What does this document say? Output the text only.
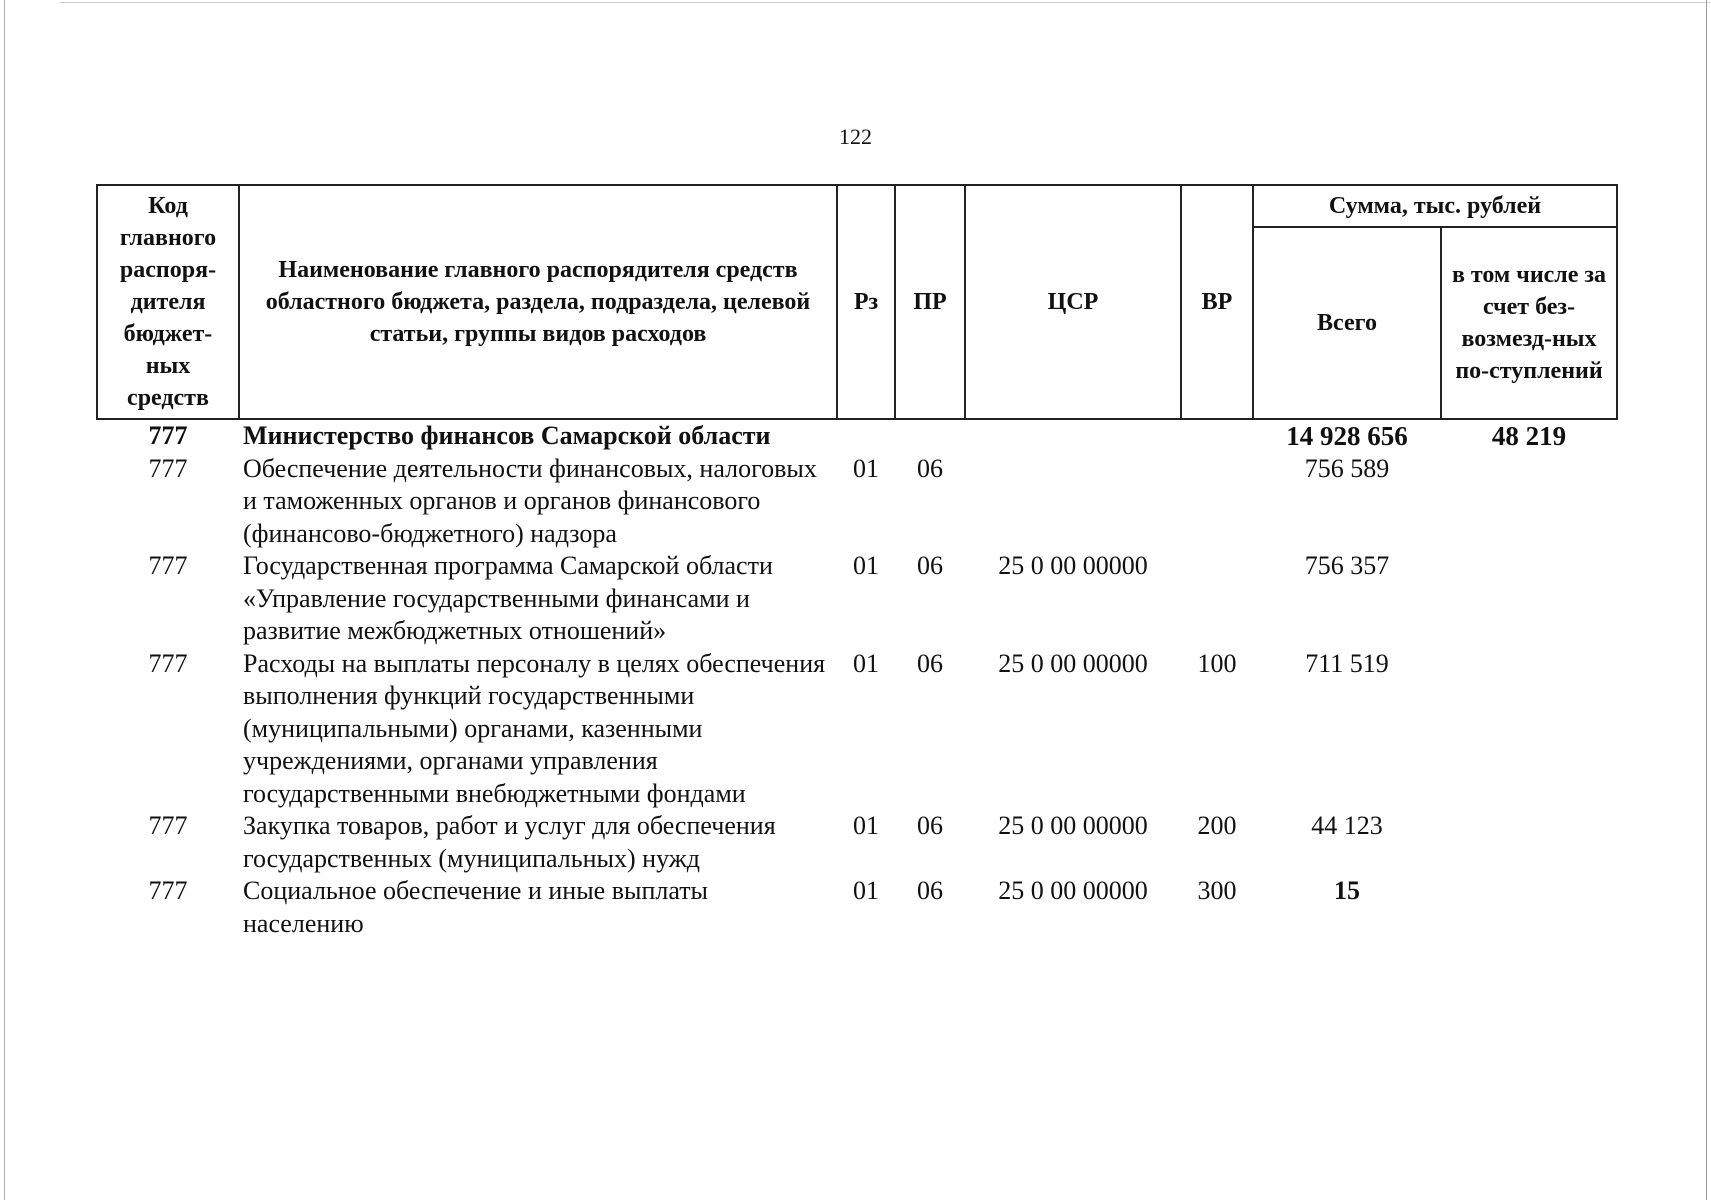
122
Код главного распоря-дителя бюджет-ных средств	Наименование главного распорядителя средств областного бюджета, раздела, подраздела, целевой статьи, группы видов расходов	Рз	ПР	ЦСР	ВР	Сумма, тыс. рублей	
						Всего	в том числе за счет без-возмезд-ных по-ступлений
777	Министерство финансов Самарской области					14 928 656	48 219
777	Обеспечение деятельности финансовых, налоговых и таможенных органов и органов финансового (финансово-бюджетного) надзора	01	06			756 589	
777	Государственная программа Самарской области «Управление государственными финансами и развитие межбюджетных отношений»	01	06	25 0 00 00000		756 357	
777	Расходы на выплаты персоналу в целях обеспечения выполнения функций государственными (муниципальными) органами, казенными учреждениями, органами управления государственными внебюджетными фондами	01	06	25 0 00 00000	100	711 519	
777	Закупка товаров, работ и услуг для обеспечения государственных (муниципальных) нужд	01	06	25 0 00 00000	200	44 123	
777	Социальное обеспечение и иные выплаты населению	01	06	25 0 00 00000	300	15	
